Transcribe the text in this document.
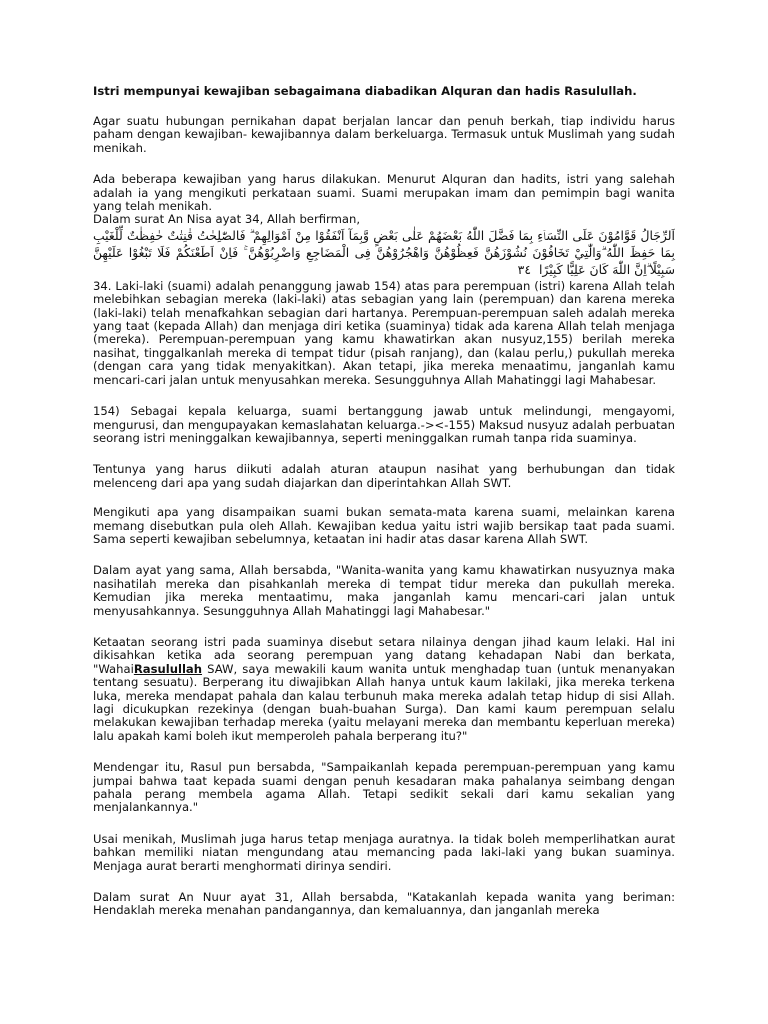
Istri mempunyai kewajiban sebagaimana diabadikan Alquran dan hadis Rasulullah.

Agar suatu hubungan pernikahan dapat berjalan lancar dan penuh berkah, tiap individu harus paham dengan kewajiban- kewajibannya dalam berkeluarga. Termasuk untuk Muslimah yang sudah menikah.

Ada beberapa kewajiban yang harus dilakukan. Menurut Alquran dan hadits, istri yang salehah adalah ia yang mengikuti perkataan suami. Suami merupakan imam dan pemimpin bagi wanita yang telah menikah.

Dalam surat An Nisa ayat 34, Allah berfirman,

اَلرِّجَالُ قَوَّامُوْنَ عَلَى النِّسَاۤءِ بِمَا فَضَّلَ اللّٰهُ بَعْضَهُمْ عَلٰى بَعْضٍ وَّبِمَآ اَنْفَقُوْا مِنْ اَمْوَالِهِمْ ۗ فَالصّٰلِحٰتُ قٰنِتٰتٌ حٰفِظٰتٌ لِّلْغَيْبِ بِمَا حَفِظَ اللّٰهُ ۗوَالّٰتِيْ تَخَافُوْنَ نُشُوْزَهُنَّ فَعِظُوْهُنَّ وَاهْجُرُوْهُنَّ فِى الْمَضَاجِعِ وَاضْرِبُوْهُنَّ ۚ فَاِنْ اَطَعْنَكُمْ فَلَا تَبْغُوْا عَلَيْهِنَّ سَبِيْلًا ۗاِنَّ اللّٰهَ كَانَ عَلِيًّا كَبِيْرًا ٣٤

34. Laki-laki (suami) adalah penanggung jawab 154) atas para perempuan (istri) karena Allah telah melebihkan sebagian mereka (laki-laki) atas sebagian yang lain (perempuan) dan karena mereka (laki-laki) telah menafkahkan sebagian dari hartanya. Perempuan-perempuan saleh adalah mereka yang taat (kepada Allah) dan menjaga diri ketika (suaminya) tidak ada karena Allah telah menjaga (mereka). Perempuan-perempuan yang kamu khawatirkan akan nusyuz,155) berilah mereka nasihat, tinggalkanlah mereka di tempat tidur (pisah ranjang), dan (kalau perlu,) pukullah mereka (dengan cara yang tidak menyakitkan). Akan tetapi, jika mereka menaatimu, janganlah kamu mencari-cari jalan untuk menyusahkan mereka. Sesungguhnya Allah Mahatinggi lagi Mahabesar.

154) Sebagai kepala keluarga, suami bertanggung jawab untuk melindungi, mengayomi, mengurusi, dan mengupayakan kemaslahatan keluarga.-><-155) Maksud nusyuz adalah perbuatan seorang istri meninggalkan kewajibannya, seperti meninggalkan rumah tanpa rida suaminya.

Tentunya yang harus diikuti adalah aturan ataupun nasihat yang berhubungan dan tidak melenceng dari apa yang sudah diajarkan dan diperintahkan Allah SWT.

Mengikuti apa yang disampaikan suami bukan semata-mata karena suami, melainkan karena memang disebutkan pula oleh Allah. Kewajiban kedua yaitu istri wajib bersikap taat pada suami. Sama seperti kewajiban sebelumnya, ketaatan ini hadir atas dasar karena Allah SWT.

Dalam ayat yang sama, Allah bersabda, "Wanita-wanita yang kamu khawatirkan nusyuznya maka nasihatilah mereka dan pisahkanlah mereka di tempat tidur mereka dan pukullah mereka. Kemudian jika mereka mentaatimu, maka janganlah kamu mencari-cari jalan untuk menyusahkannya. Sesungguhnya Allah Mahatinggi lagi Mahabesar."

Ketaatan seorang istri pada suaminya disebut setara nilainya dengan jihad kaum lelaki. Hal ini dikisahkan ketika ada seorang perempuan yang datang kehadapan Nabi dan berkata, "WahaiRasulullah SAW, saya mewakili kaum wanita untuk menghadap tuan (untuk menanyakan tentang sesuatu). Berperang itu diwajibkan Allah hanya untuk kaum lakilaki, jika mereka terkena luka, mereka mendapat pahala dan kalau terbunuh maka mereka adalah tetap hidup di sisi Allah. lagi dicukupkan rezekinya (dengan buah-buahan Surga). Dan kami kaum perempuan selalu melakukan kewajiban terhadap mereka (yaitu melayani mereka dan membantu keperluan mereka) lalu apakah kami boleh ikut memperoleh pahala berperang itu?"

Mendengar itu, Rasul pun bersabda, "Sampaikanlah kepada perempuan-perempuan yang kamu jumpai bahwa taat kepada suami dengan penuh kesadaran maka pahalanya seimbang dengan pahala perang membela agama Allah. Tetapi sedikit sekali dari kamu sekalian yang menjalankannya."

Usai menikah, Muslimah juga harus tetap menjaga auratnya. Ia tidak boleh memperlihatkan aurat bahkan memiliki niatan mengundang atau memancing pada laki-laki yang bukan suaminya. Menjaga aurat berarti menghormati dirinya sendiri.

Dalam surat An Nuur ayat 31, Allah bersabda, "Katakanlah kepada wanita yang beriman: Hendaklah mereka menahan pandangannya, dan kemaluannya, dan janganlah mereka
